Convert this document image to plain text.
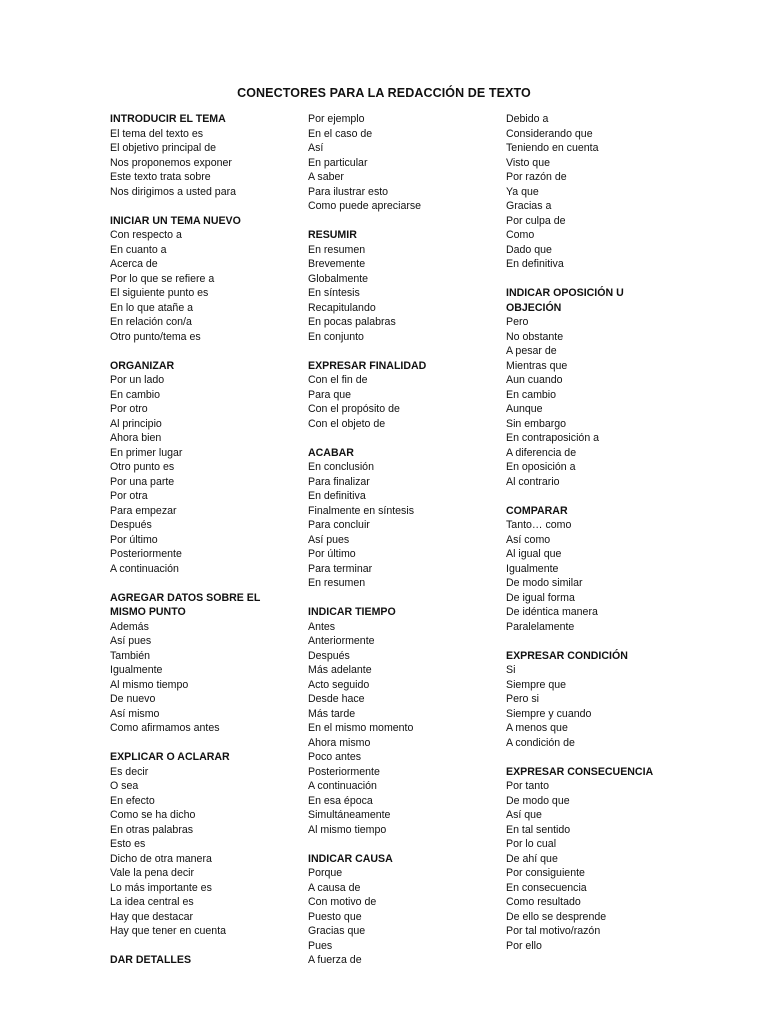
CONECTORES PARA LA REDACCIÓN DE TEXTO
INTRODUCIR EL TEMA
El tema del texto es
El objetivo principal de
Nos proponemos exponer
Este texto trata sobre
Nos dirigimos a usted para
INICIAR UN TEMA NUEVO
Con respecto a
En cuanto a
Acerca de
Por lo que se refiere a
El siguiente punto es
En lo que atañe a
En relación con/a
Otro punto/tema es
ORGANIZAR
Por un lado
En cambio
Por otro
Al principio
Ahora bien
En primer lugar
Otro punto es
Por una parte
Por otra
Para empezar
Después
Por último
Posteriormente
A continuación
AGREGAR DATOS SOBRE EL
MISMO PUNTO
Además
Así pues
También
Igualmente
Al mismo tiempo
De nuevo
Así mismo
Como afirmamos antes
EXPLICAR O ACLARAR
Es decir
O sea
En efecto
Como se ha dicho
En otras palabras
Esto es
Dicho de otra manera
Vale la pena decir
Lo más importante es
La idea central es
Hay que destacar
Hay que tener en cuenta
DAR DETALLES
Por ejemplo
En el caso de
Así
En particular
A saber
Para ilustrar esto
Como puede apreciarse
RESUMIR
En resumen
Brevemente
Globalmente
En síntesis
Recapitulando
En pocas palabras
En conjunto
EXPRESAR FINALIDAD
Con el fin de
Para que
Con el propósito de
Con el objeto de
ACABAR
En conclusión
Para finalizar
En definitiva
Finalmente en síntesis
Para concluir
Así pues
Por último
Para terminar
En resumen
INDICAR TIEMPO
Antes
Anteriormente
Después
Más adelante
Acto seguido
Desde hace
Más tarde
En el mismo momento
Ahora mismo
Poco antes
Posteriormente
A continuación
En esa época
Simultáneamente
Al mismo tiempo
INDICAR CAUSA
Porque
A causa de
Con motivo de
Puesto que
Gracias que
Pues
A fuerza de
Debido a
Considerando que
Teniendo en cuenta
Visto que
Por razón de
Ya que
Gracias a
Por culpa de
Como
Dado que
En definitiva
INDICAR OPOSICIÓN U
OBJECIÓN
Pero
No obstante
A pesar de
Mientras que
Aun cuando
En cambio
Aunque
Sin embargo
En contraposición a
A diferencia de
En oposición a
Al contrario
COMPARAR
Tanto… como
Así como
Al igual que
Igualmente
De modo similar
De igual forma
De idéntica manera
Paralelamente
EXPRESAR CONDICIÓN
Si
Siempre que
Pero si
Siempre y cuando
A menos que
A condición de
EXPRESAR CONSECUENCIA
Por tanto
De modo que
Así que
En tal sentido
Por lo cual
De ahí que
Por consiguiente
En consecuencia
Como resultado
De ello se desprende
Por tal motivo/razón
Por ello
